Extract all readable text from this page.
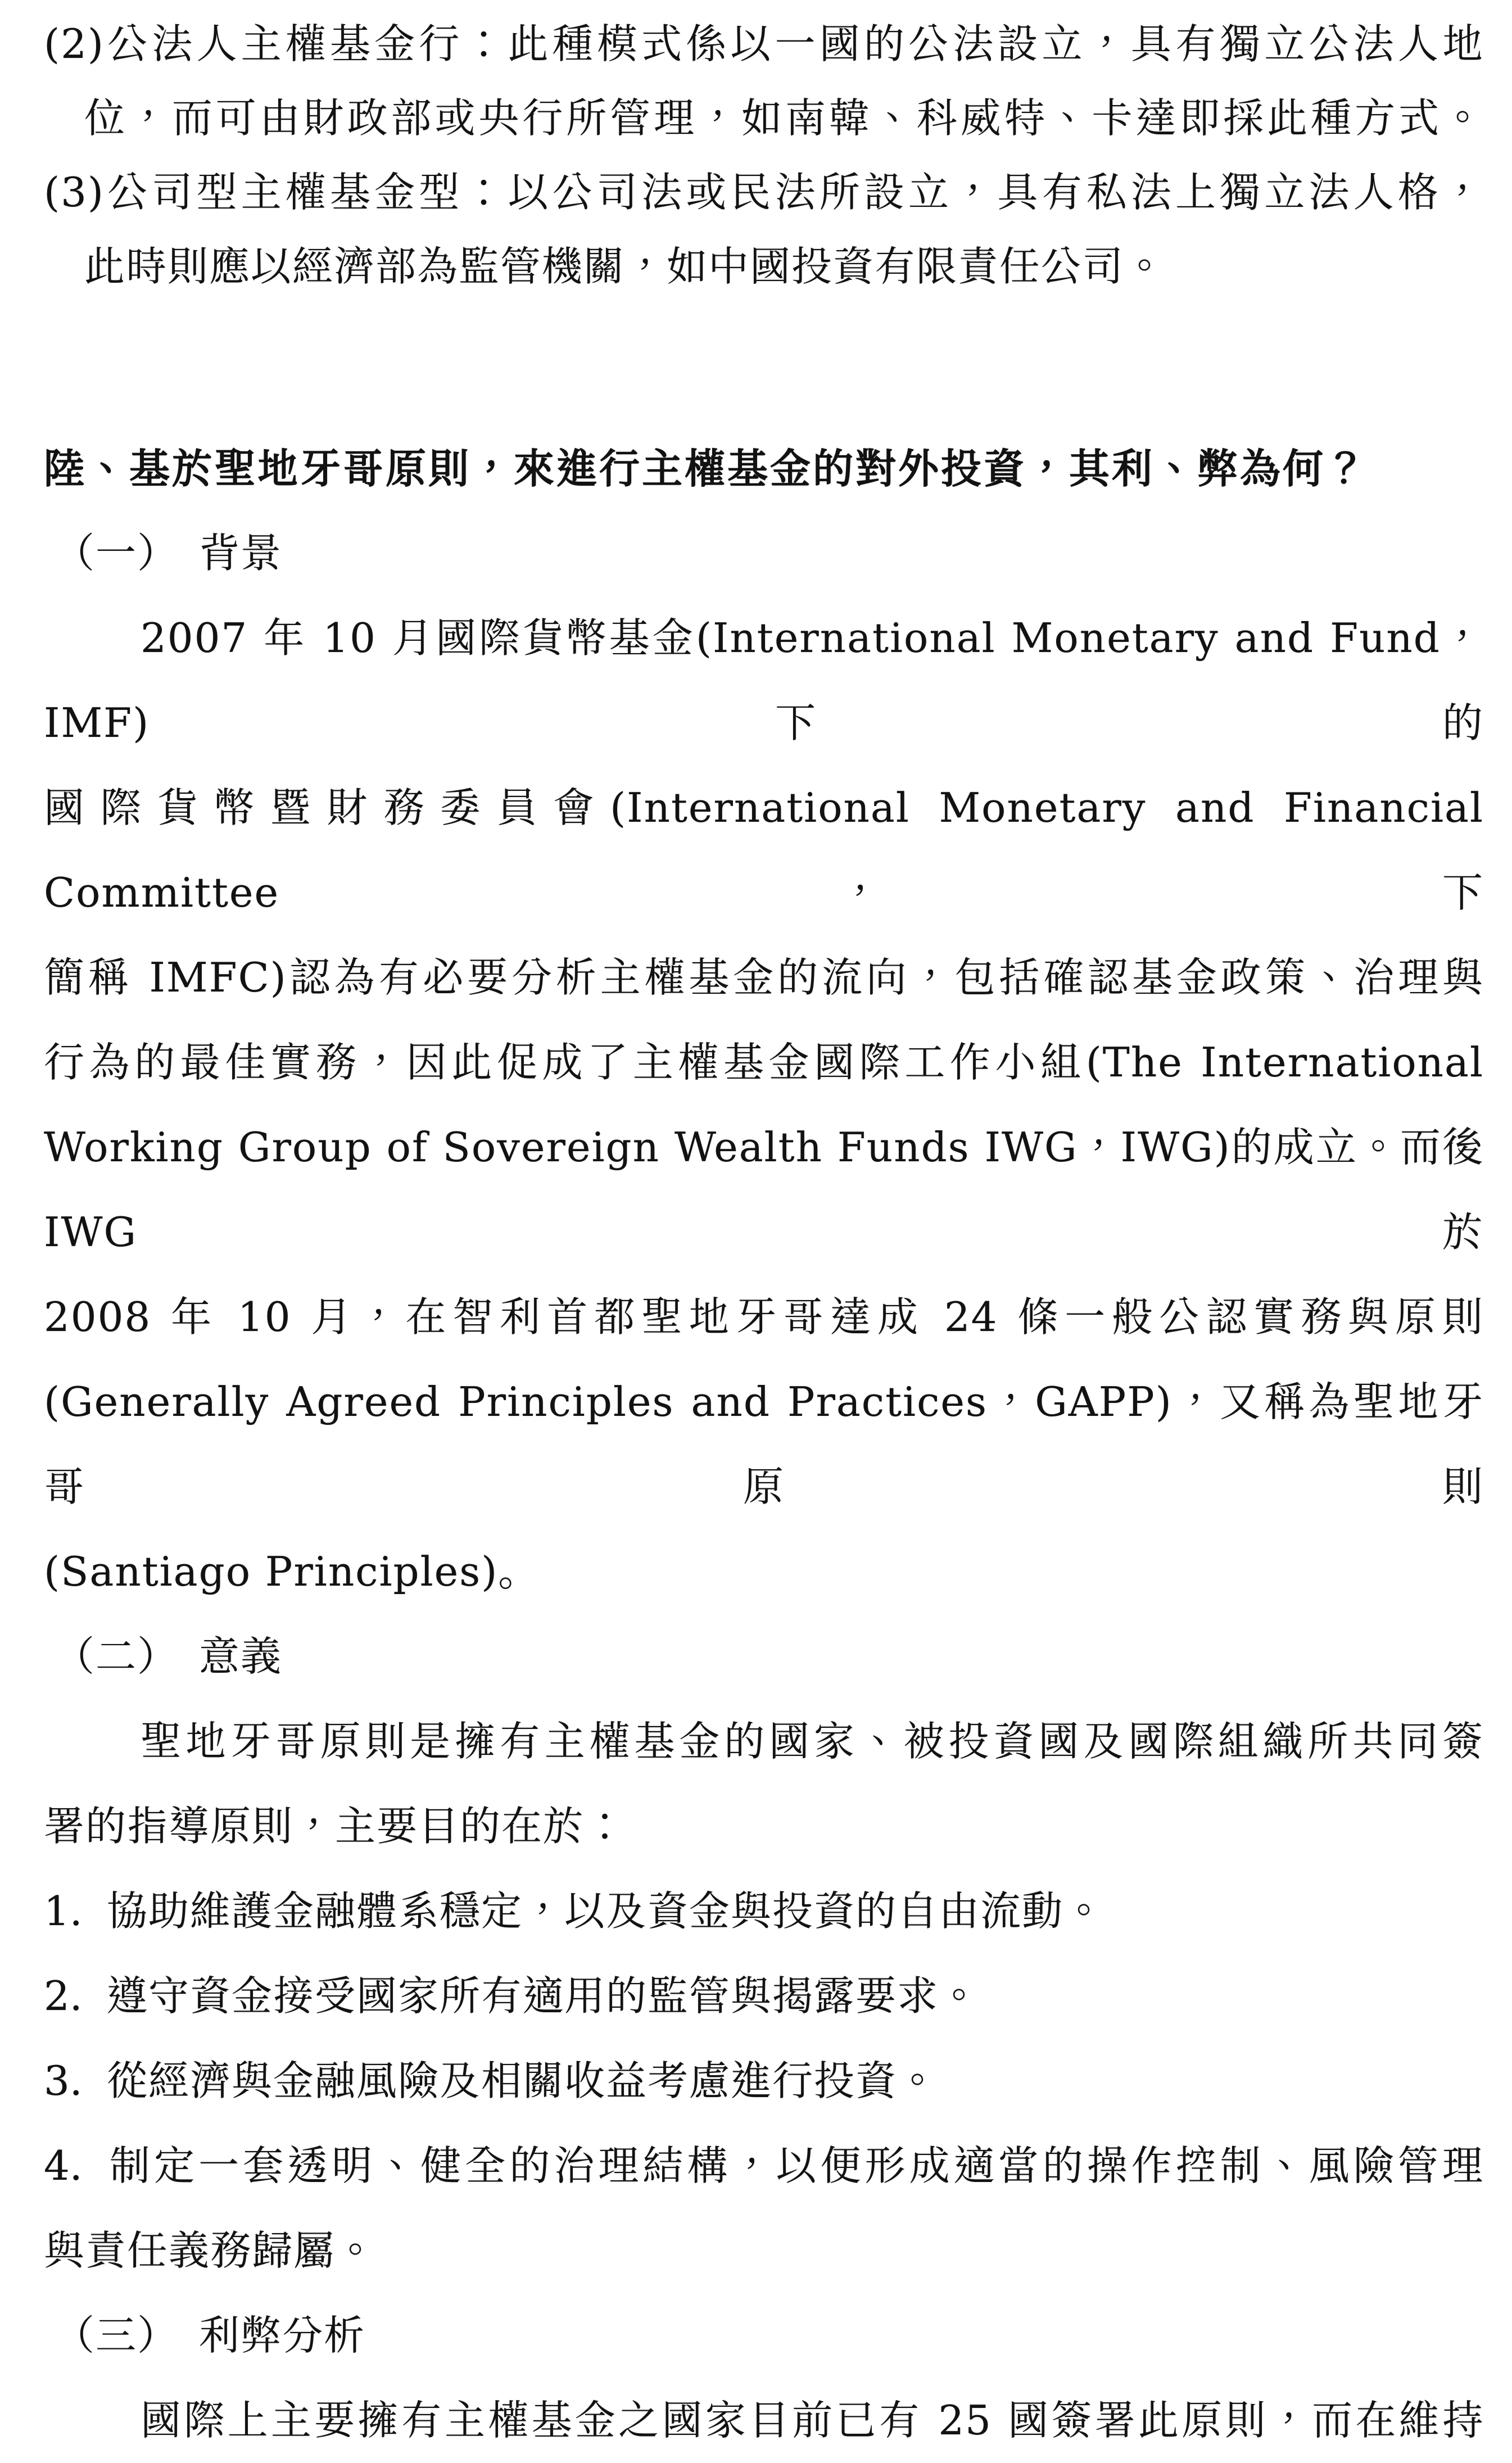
(2)公法人主權基金行：此種模式係以一國的公法設立，具有獨立公法人地
位，而可由財政部或央行所管理，如南韓、科威特、卡達即採此種方式。
(3)公司型主權基金型：以公司法或民法所設立，具有私法上獨立法人格，
此時則應以經濟部為監管機關，如中國投資有限責任公司。
陸、基於聖地牙哥原則，來進行主權基金的對外投資，其利、弊為何？
（一） 背景
2007 年 10 月國際貨幣基金(International Monetary and Fund，IMF)下的
國際貨幣暨財務委員會(International Monetary and Financial Committee，下
簡稱 IMFC)認為有必要分析主權基金的流向，包括確認基金政策、治理與
行為的最佳實務，因此促成了主權基金國際工作小組(The International
Working Group of Sovereign Wealth Funds IWG，IWG)的成立。而後 IWG 於
2008 年 10 月，在智利首都聖地牙哥達成 24 條一般公認實務與原則
(Generally Agreed Principles and Practices，GAPP)，又稱為聖地牙哥原則
(Santiago Principles)。
（二） 意義
聖地牙哥原則是擁有主權基金的國家、被投資國及國際組織所共同簽
署的指導原則，主要目的在於：
1. 協助維護金融體系穩定，以及資金與投資的自由流動。
2. 遵守資金接受國家所有適用的監管與揭露要求。
3. 從經濟與金融風險及相關收益考慮進行投資。
4. 制定一套透明、健全的治理結構，以便形成適當的操作控制、風險管理
與責任義務歸屬。
（三） 利弊分析
國際上主要擁有主權基金之國家目前已有 25 國簽署此原則，而在維持
